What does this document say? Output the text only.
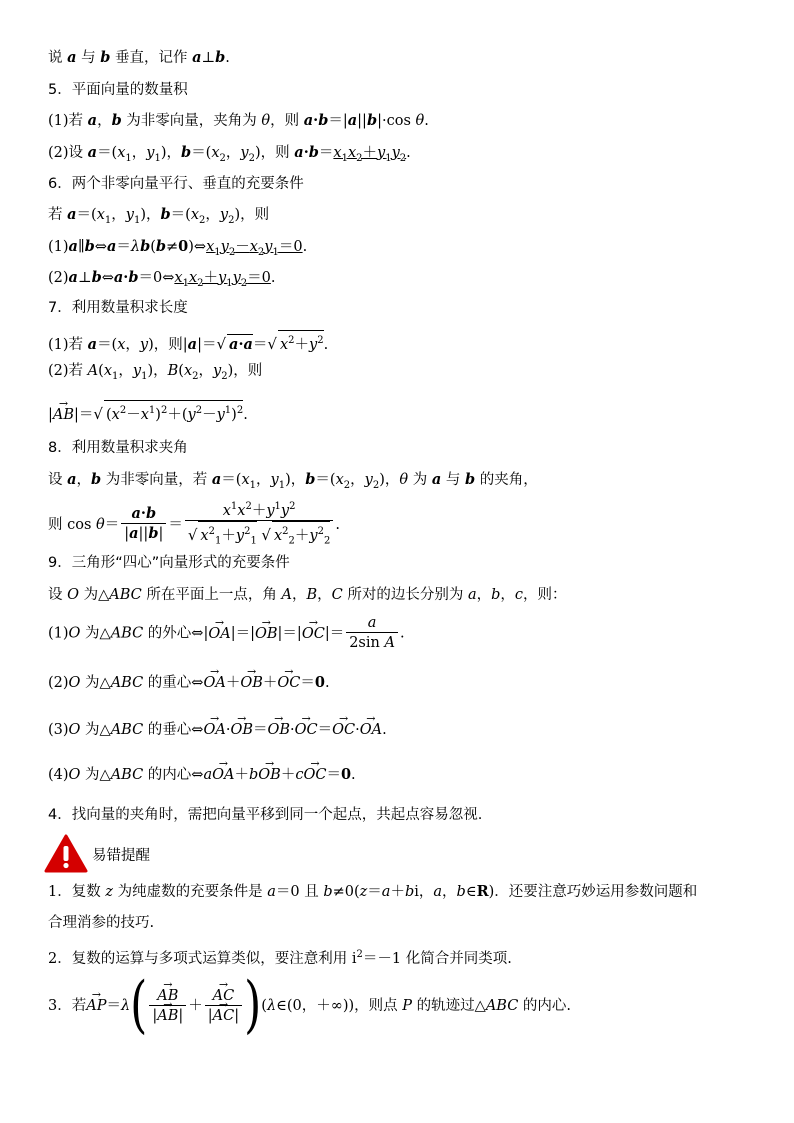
说 a 与 b 垂直，记作 a⊥b.
5．平面向量的数量积
(1)若 a，b 为非零向量，夹角为 θ，则 a·b＝|a||b|·cos θ.
(2)设 $a=(x_1$，$y_1$)，$b=(x_2$，$y_2$)，则 $a\cdot b=x_1x_2+y_1y_2$.
6．两个非零向量平行、垂直的充要条件
若 $a=(x_1$，$y_1$)，$b=(x_2$，$y_2$)，则
$(1)a\parallel b\Leftrightarrow a=\lambda b(b\ne 0)\Leftrightarrow x_1y_2-x_2y_1=0$.
$(2)a\perp b\Leftrightarrow a\cdot b=0\Leftrightarrow x_1x_2+y_1y_2=0$.
7．利用数量积求长度
(1)若 a＝(x，y)，则|a|＝√ a·a＝√ $x^2+y^2$.
(2)若 $A(x_1$，$y_1$)，$B(x_2$，$y_2$)，则
|→ AB|＝√ $(x^2-x^1)^2+(y^2-y^1)^2$.
8．利用数量积求夹角
设 a，b 为非零向量，若 $a=(x_1$，$y_1$)，$b=(x_2$，$y_2$)，θ 为 a 与 b 的夹角，
则 $\cos \theta= \frac{a\cdot b}{|a||b|} = \frac{x^1x^2+y^1y^2}{√ x^2_1+y^2_1 √ x^2_2+y^2_2}$ .
9．三角形“四心”向量形式的充要条件
设 O 为△ABC 所在平面上一点，角 A，B，C 所对的边长分别为 a，b，c，则：
(1)O 为△ABC 的外心⇔|→ $OA|=|\to OB|=|\to OC|= \frac{a}{\text{2sin A}}$ .
(2)O 为△ABC 的重心⇔→ OA＋→ OB＋→ OC＝0.
(3)O 为△ABC 的垂心⇔→ OA·→ OB＝→ OB·→ OC＝→ OC·→ OA.
(4)O 为△ABC 的内心⇔a→ OA＋b→ OB＋c→ OC＝0.
4．找向量的夹角时，需把向量平移到同一个起点，共起点容易忽视.
易错提醒
1．复数 z 为纯虚数的充要条件是 a＝0 且 b≠0(z＝a＋bi，a，b∈R)．还要注意巧妙运用参数问题和
合理消参的技巧.
2．复数的运算与多项式运算类似，要注意利用 $i^2=-1$ 化简合并同类项.
3．若→ AP＝λ(
→ $\frac{AB}{|\to AB|}$ ＋
→ $\frac{AC}{|\to AC|}$ )(λ∈(0，＋∞))，则点 P 的轨迹过△ABC 的内心.
